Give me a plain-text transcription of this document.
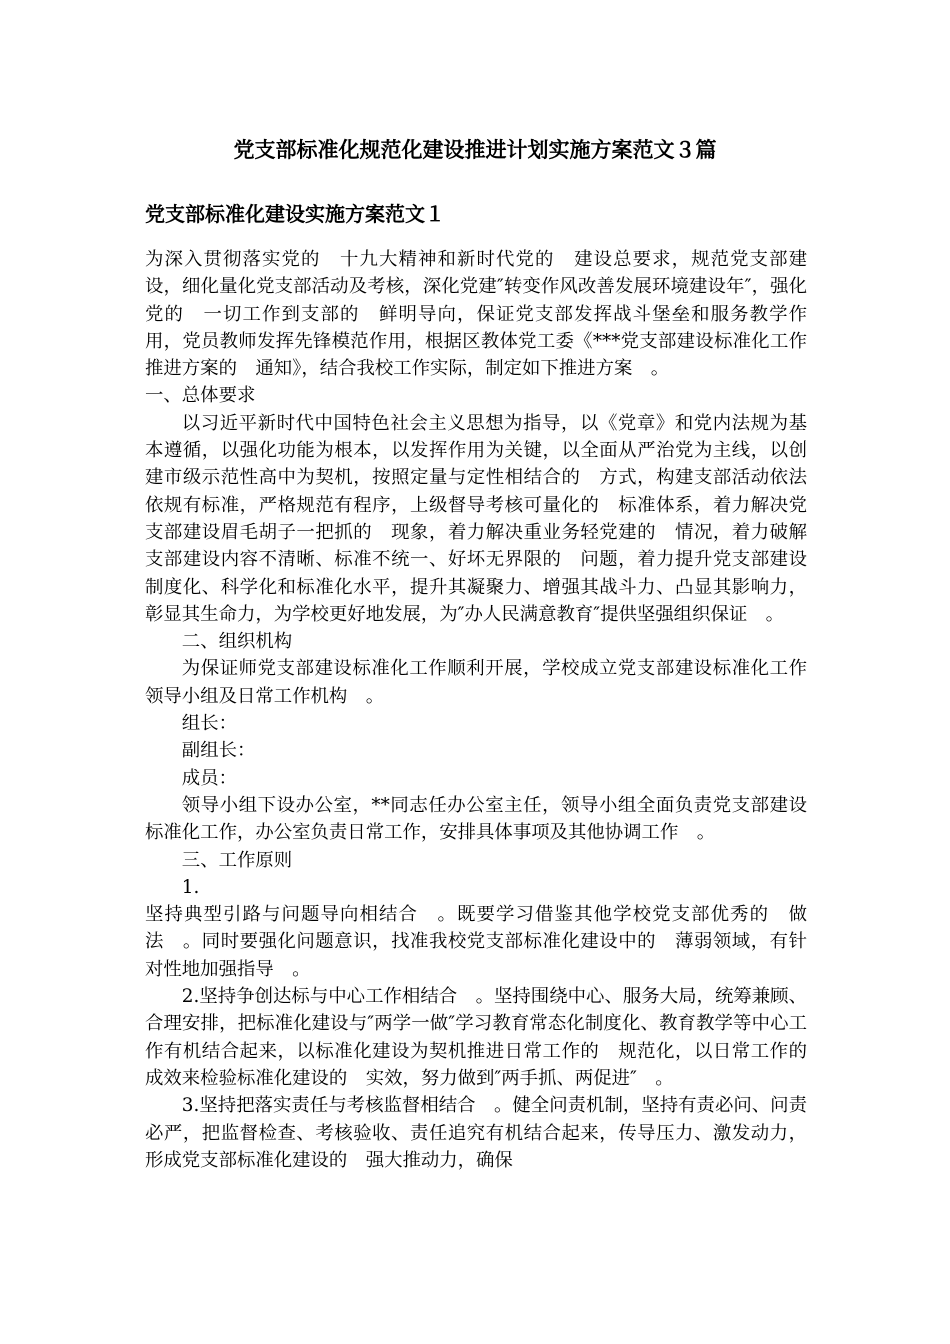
党支部标准化规范化建设推进计划实施方案范文３篇
党支部标准化建设实施方案范文１

为深入贯彻落实党的　十九大精神和新时代党的　建设总要求，规范党支部建设，细化量化党支部活动及考核，深化党建″转变作风改善发展环境建设年″，强化党的　一切工作到支部的　鲜明导向，保证党支部发挥战斗堡垒和服务教学作用，党员教师发挥先锋模范作用，根据区教体党工委《***党支部建设标准化工作推进方案的　通知》，结合我校工作实际，制定如下推进方案　。

一、总体要求

以习近平新时代中国特色社会主义思想为指导，以《党章》和党内法规为基本遵循，以强化功能为根本，以发挥作用为关键，以全面从严治党为主线，以创建市级示范性高中为契机，按照定量与定性相结合的　方式，构建支部活动依法依规有标准，严格规范有程序，上级督导考核可量化的　标准体系，着力解决党支部建设眉毛胡子一把抓的　现象，着力解决重业务轻党建的　情况，着力破解支部建设内容不清晰、标准不统一、好坏无界限的　问题，着力提升党支部建设制度化、科学化和标准化水平，提升其凝聚力、增强其战斗力、凸显其影响力，彰显其生命力，为学校更好地发展，为″办人民满意教育″提供坚强组织保证　。

二、组织机构

为保证师党支部建设标准化工作顺利开展，学校成立党支部建设标准化工作领导小组及日常工作机构　。

组长：

副组长：

成员：

领导小组下设办公室，**同志任办公室主任，领导小组全面负责党支部建设标准化工作，办公室负责日常工作，安排具体事项及其他协调工作　。

三、工作原则

1.

坚持典型引路与问题导向相结合　。既要学习借鉴其他学校党支部优秀的　做法　。同时要强化问题意识，找准我校党支部标准化建设中的　薄弱领域，有针对性地加强指导　。

2.坚持争创达标与中心工作相结合　。坚持围绕中心、服务大局，统筹兼顾、合理安排，把标准化建设与″两学一做″学习教育常态化制度化、教育教学等中心工作有机结合起来，以标准化建设为契机推进日常工作的　规范化，以日常工作的　成效来检验标准化建设的　实效，努力做到″两手抓、两促进″　。

3.坚持把落实责任与考核监督相结合　。健全问责机制，坚持有责必问、问责必严，把监督检查、考核验收、责任追究有机结合起来，传导压力、激发动力，形成党支部标准化建设的　强大推动力，确保
